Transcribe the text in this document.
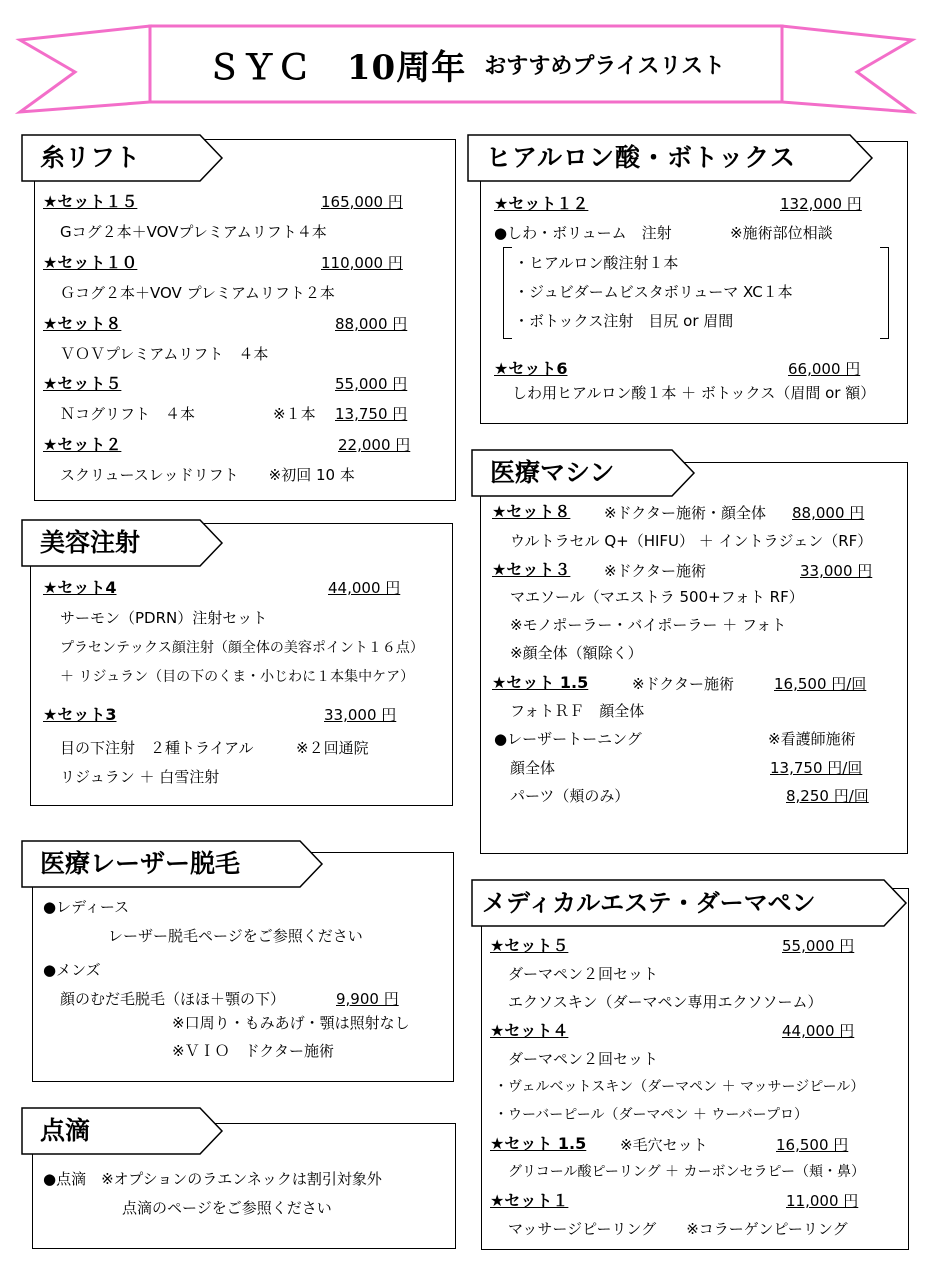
ＳＹＣ　10周年 おすすめプライスリスト
糸リフト
★セット１５	165,000 円
Gコグ２本＋VOVプレミアムリフト４本
★セット１０	110,000 円
Ｇコグ２本＋VOV プレミアムリフト２本
★セット８	88,000 円
ＶＯＶプレミアムリフト　４本
★セット５	55,000 円
Ｎコグリフト　４本	※１本 13,750 円
★セット２	22,000 円
スクリュースレッドリフト　　※初回 10 本
美容注射
★セット4	44,000 円
サーモン（PDRN）注射セット
プラセンテックス顔注射（顔全体の美容ポイント１６点）
＋ リジュラン（目の下のくま・小じわに１本集中ケア）
★セット3	33,000 円
目の下注射　２種トライアル	※２回通院
リジュラン ＋ 白雪注射
医療レーザー脱毛
●レディース
レーザー脱毛ページをご参照ください
●メンズ
顔のむだ毛脱毛（ほほ＋顎の下）	9,900 円
※口周り・もみあげ・顎は照射なし
※ＶＩＯ　ドクター施術
点滴
●点滴　※オプションのラエンネックは割引対象外
点滴のページをご参照ください
ヒアルロン酸・ボトックス
★セット１２	132,000 円
●しわ・ボリューム　注射	※施術部位相談
・ヒアルロン酸注射１本
・ジュビダームビスタボリューマ XC１本
・ボトックス注射　目尻 or 眉間
★セット6	66,000 円
しわ用ヒアルロン酸１本 ＋ ボトックス（眉間 or 額）
医療マシン
★セット８ ※ドクター施術・顔全体 88,000 円
ウルトラセル Q+（HIFU） ＋ イントラジェン（RF）
★セット３ ※ドクター施術	33,000 円
マエソール（マエストラ 500+フォト RF）
※モノポーラー・バイポーラー ＋ フォト
※顔全体（額除く）
★セット 1.5	※ドクター施術	16,500 円/回
フォトＲＦ　顔全体
●レーザートーニング	※看護師施術
顔全体	13,750 円/回
パーツ（頬のみ）	8,250 円/回
メディカルエステ・ダーマペン
★セット５	55,000 円
ダーマペン２回セット
エクソスキン（ダーマペン専用エクソソーム）
★セット４	44,000 円
ダーマペン２回セット
・ヴェルベットスキン（ダーマペン ＋ マッサージピール）
・ウーバーピール（ダーマペン ＋ ウーバープロ）
★セット 1.5 ※毛穴セット	16,500 円
グリコール酸ピーリング ＋ カーボンセラピー（頬・鼻）
★セット１	11,000 円
マッサージピーリング　　※コラーゲンピーリング
